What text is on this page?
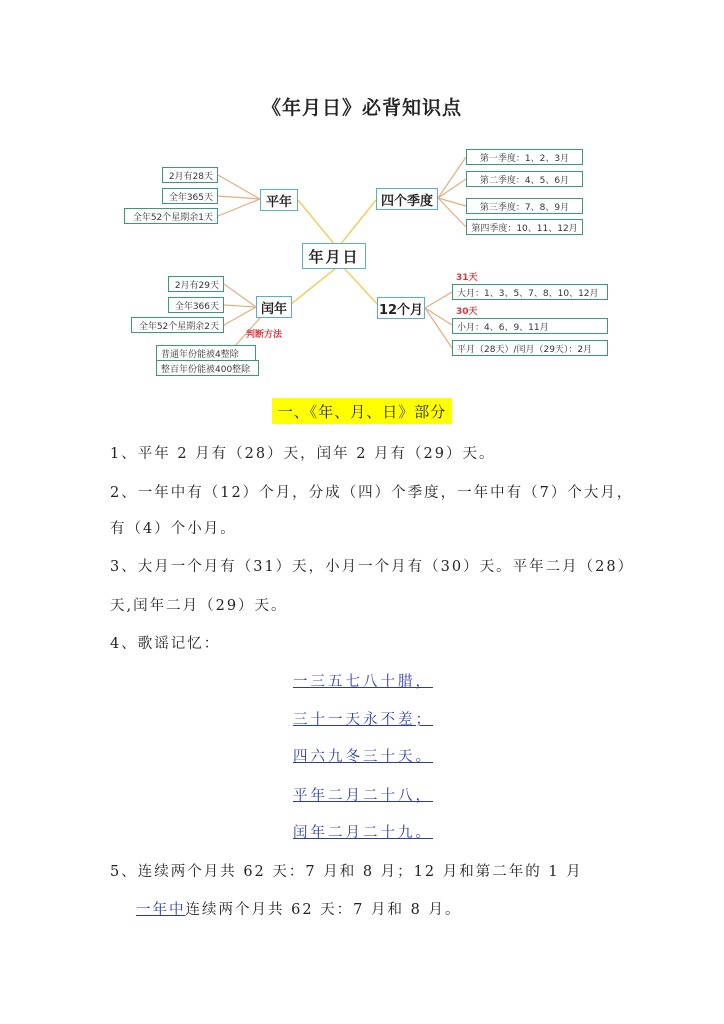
《年月日》必背知识点
年月日
平年
2月有28天
全年365天
全年52个星期余1天
四个季度
第一季度：1、2、3月
第二季度：4、5、6月
第三季度：7、8、9月
第四季度：10、11、12月
闰年
2月有29天
全年366天
全年52个星期余2天
判断方法
普通年份能被4整除
整百年份能被400整除
12个月
31天
大月：1、3、5、7、8、10、12月
30天
小月：4、6、9、11月
平月（28天）/闰月（29天）：2月
一、《年、月、日》部分
1、平年 2 月有（28）天，闰年 2 月有（29）天。
2、一年中有（12）个月，分成（四）个季度，一年中有（7）个大月，
有（4）个小月。
3、大月一个月有（31）天，小月一个月有（30）天。平年二月（28）
天,闰年二月（29）天。
4、歌谣记忆：
一三五七八十腊，
三十一天永不差；
四六九冬三十天。
平年二月二十八，
闰年二月二十九。
5、连续两个月共 62 天：7 月和 8 月；12 月和第二年的 1 月
一年中连续两个月共 62 天：7 月和 8 月。
